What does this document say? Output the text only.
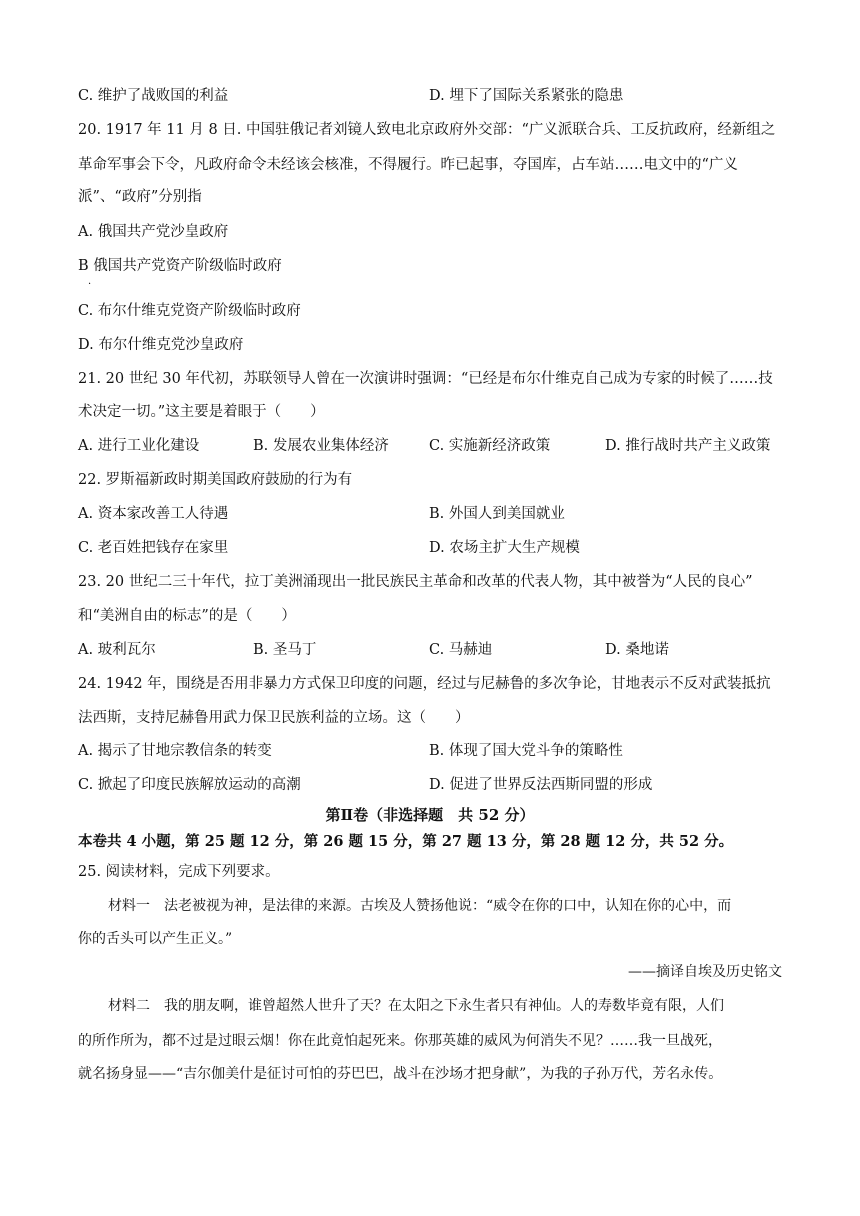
C. 维护了战败国的利益	D. 埋下了国际关系紧张的隐患
20. 1917 年 11 月 8 日. 中国驻俄记者刘镜人致电北京政府外交部：“广义派联合兵、工反抗政府，经新组之
革命军事会下令，凡政府命令未经该会核准，不得履行。昨已起事，夺国库，占车站……电文中的“广义
派”、“政府”分别指
A. 俄国共产党沙皇政府
B 俄国共产党资产阶级临时政府
·
C. 布尔什维克党资产阶级临时政府
D. 布尔什维克党沙皇政府
21. 20 世纪 30 年代初，苏联领导人曾在一次演讲时强调：“已经是布尔什维克自己成为专家的时候了……技
术决定一切。”这主要是着眼于（　　）
A. 进行工业化建设	B. 发展农业集体经济	C. 实施新经济政策	D. 推行战时共产主义政策
22. 罗斯福新政时期美国政府鼓励的行为有
A. 资本家改善工人待遇	B. 外国人到美国就业
C. 老百姓把钱存在家里	D. 农场主扩大生产规模
23. 20 世纪二三十年代，拉丁美洲涌现出一批民族民主革命和改革的代表人物，其中被誉为“人民的良心”
和“美洲自由的标志”的是（　　）
A. 玻利瓦尔	B. 圣马丁	C. 马赫迪	D. 桑地诺
24. 1942 年，围绕是否用非暴力方式保卫印度的问题，经过与尼赫鲁的多次争论，甘地表示不反对武装抵抗
法西斯，支持尼赫鲁用武力保卫民族利益的立场。这（　　）
A. 揭示了甘地宗教信条的转变	B. 体现了国大党斗争的策略性
C. 掀起了印度民族解放运动的高潮	D. 促进了世界反法西斯同盟的形成
第Ⅱ卷（非选择题　共 52 分）
本卷共 4 小题，第 25 题 12 分，第 26 题 15 分，第 27 题 13 分，第 28 题 12 分，共 52 分。
25. 阅读材料，完成下列要求。
材料一　法老被视为神，是法律的来源。古埃及人赞扬他说：“威令在你的口中，认知在你的心中，而
你的舌头可以产生正义。”
——摘译自埃及历史铭文
材料二　我的朋友啊，谁曾超然人世升了天？在太阳之下永生者只有神仙。人的寿数毕竟有限，人们
的所作所为，都不过是过眼云烟！你在此竟怕起死来。你那英雄的威风为何消失不见？……我一旦战死，
就名扬身显——“吉尔伽美什是征讨可怕的芬巴巴，战斗在沙场才把身献”，为我的子孙万代，芳名永传。
